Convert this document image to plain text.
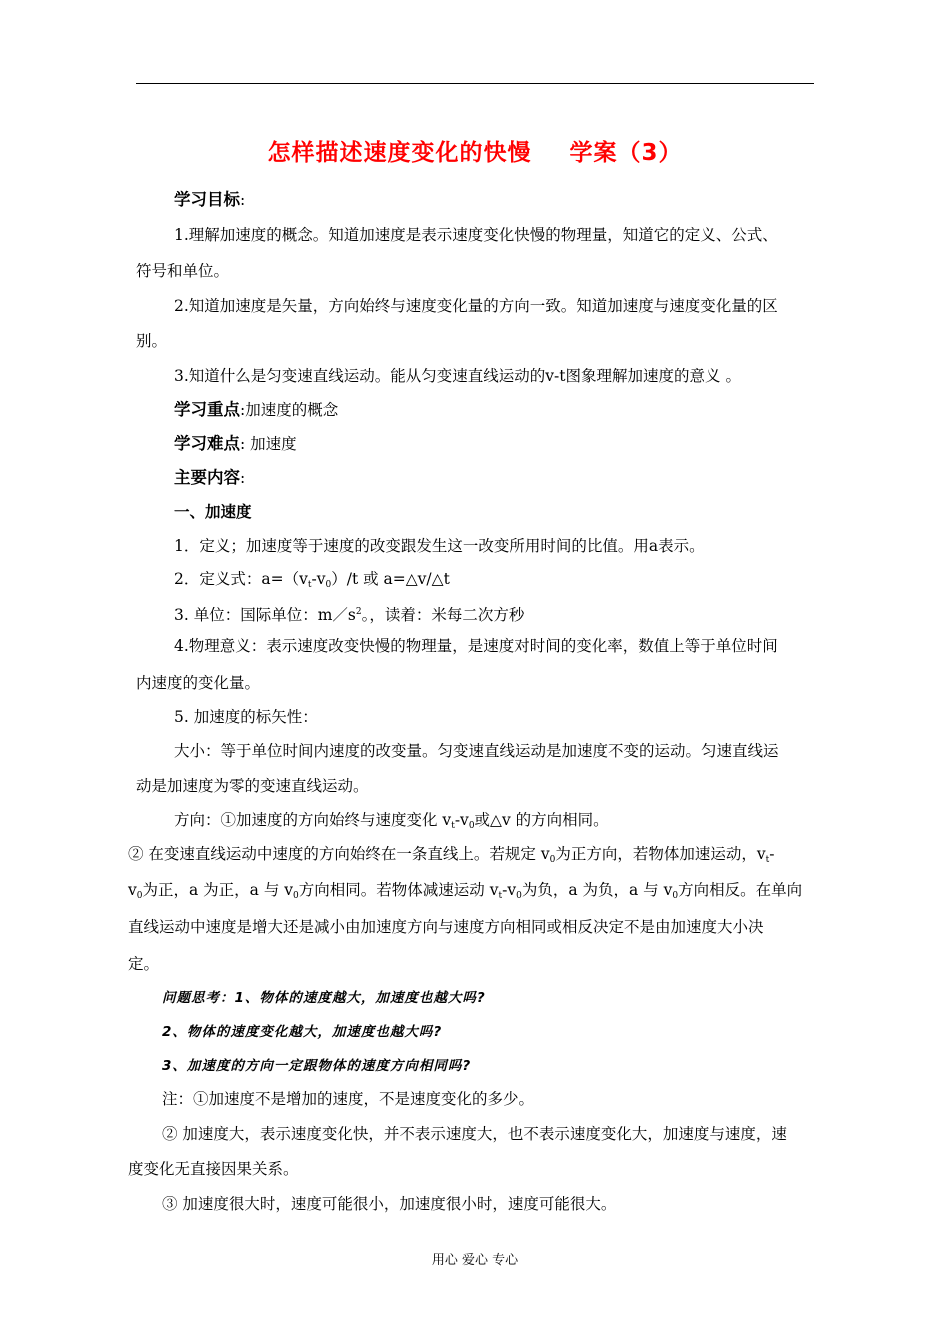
怎样描述速度变化的快慢 学案（3）
学习目标:
1.理解加速度的概念。知道加速度是表示速度变化快慢的物理量，知道它的定义、公式、
符号和单位。
2.知道加速度是矢量，方向始终与速度变化量的方向一致。知道加速度与速度变化量的区
别。
3.知道什么是匀变速直线运动。能从匀变速直线运动的v-t图象理解加速度的意义 。
学习重点:加速度的概念
学习难点: 加速度
主要内容:
一、加速度
1．定义；加速度等于速度的改变跟发生这一改变所用时间的比值。用a表示。
2．定义式：$a=(v_t-v_0)/t$ 或 a=△v/△t
3. 单位：国际单位：$m/s^2$。，读着：米每二次方秒
4.物理意义：表示速度改变快慢的物理量，是速度对时间的变化率，数值上等于单位时间
内速度的变化量。
5. 加速度的标矢性：
大小：等于单位时间内速度的改变量。匀变速直线运动是加速度不变的运动。匀速直线运
动是加速度为零的变速直线运动。
方向：①加速度的方向始终与速度变化 $v_t-v_0$或△v 的方向相同。
② 在变速直线运动中速度的方向始终在一条直线上。若规定 $v_0$为正方向，若物体加速运动，$v_t-$
$v_0$为正，a 为正，a 与 $v_0$方向相同。若物体减速运动 $v_t-v_0$为负，a 为负，a 与 $v_0$方向相反。在单向
直线运动中速度是增大还是减小由加速度方向与速度方向相同或相反决定不是由加速度大小决
定。
问题思考：1、物体的速度越大，加速度也越大吗?
2、物体的速度变化越大，加速度也越大吗?
3、加速度的方向一定跟物体的速度方向相同吗?
注：①加速度不是增加的速度，不是速度变化的多少。
② 加速度大，表示速度变化快，并不表示速度大，也不表示速度变化大，加速度与速度，速
度变化无直接因果关系。
③ 加速度很大时，速度可能很小，加速度很小时，速度可能很大。
用心 爱心 专心
